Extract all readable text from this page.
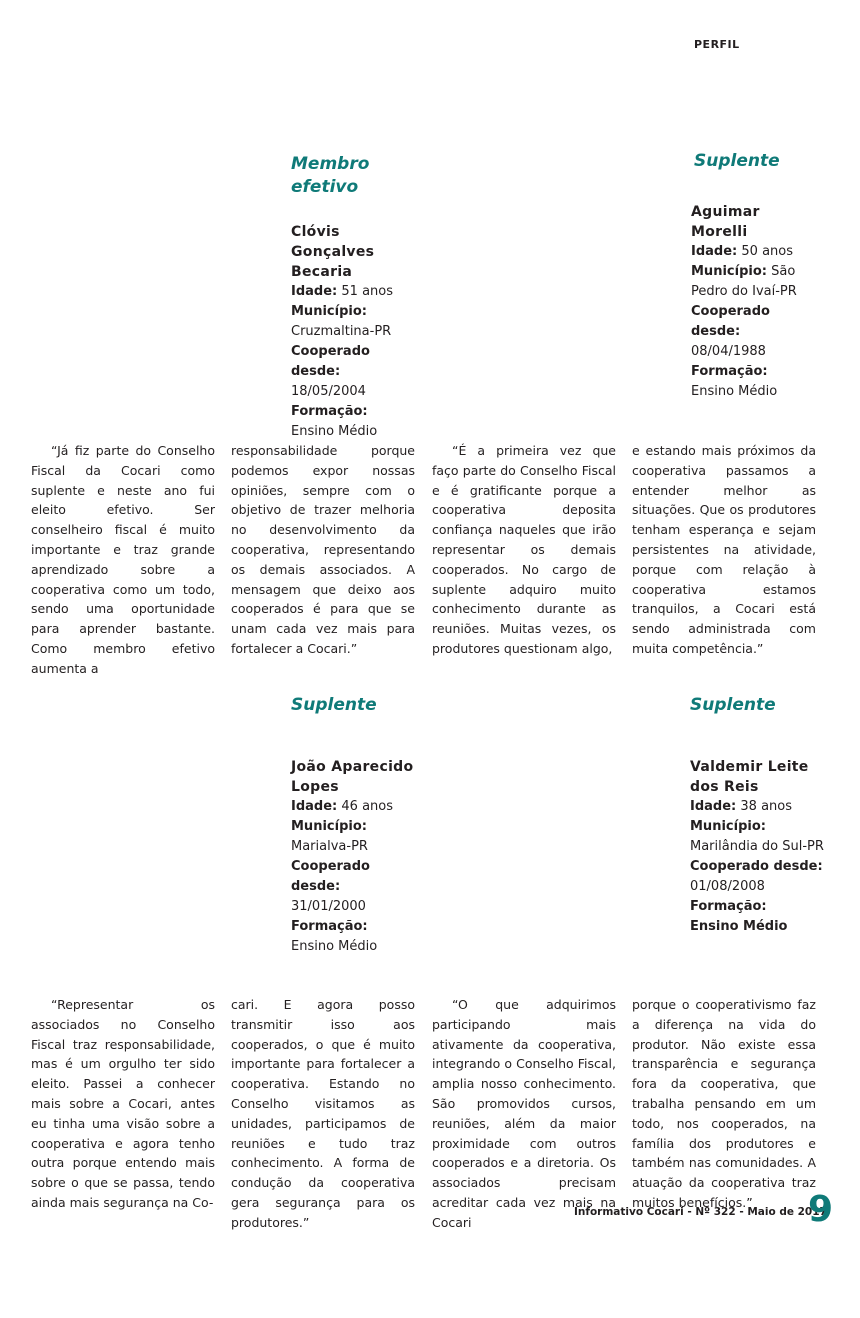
PERFIL
Membro efetivo
Clóvis Gonçalves Becaria
Idade: 51 anos
Município:
Cruzmaltina-PR
Cooperado desde:
18/05/2004
Formação:
Ensino Médio
Suplente
Aguimar Morelli
Idade: 50 anos
Município: São Pedro do Ivaí-PR
Cooperado desde:
08/04/1988
Formação:
Ensino Médio

“Já fiz parte do Conselho Fiscal da Cocari como suplente e neste ano fui eleito efetivo. Ser conselheiro fiscal é muito importante e traz grande aprendizado sobre a cooperativa como um todo, sendo uma oportunidade para aprender bastante. Como membro efetivo aumenta a

responsabilidade porque podemos expor nossas opiniões, sempre com o objetivo de trazer melhoria no desenvolvimento da cooperativa, representando os demais associados. A mensagem que deixo aos cooperados é para que se unam cada vez mais para fortalecer a Cocari.”

“É a primeira vez que faço parte do Conselho Fiscal e é gratificante porque a cooperativa deposita confiança naqueles que irão representar os demais cooperados. No cargo de suplente adquiro muito conhecimento durante as reuniões. Muitas vezes, os produtores questionam algo,

e estando mais próximos da cooperativa passamos a entender melhor as situações. Que os produtores tenham esperança e sejam persistentes na atividade, porque com relação à cooperativa estamos tranquilos, a Cocari está sendo administrada com muita competência.”

Suplente
João Aparecido Lopes
Idade: 46 anos
Município:
Marialva-PR
Cooperado desde:
31/01/2000
Formação:
Ensino Médio
Suplente
Valdemir Leite dos Reis
Idade: 38 anos
Município:
Marilândia do Sul-PR
Cooperado desde:
01/08/2008
Formação:
Ensino Médio

“Representar os associados no Conselho Fiscal traz responsabilidade, mas é um orgulho ter sido eleito. Passei a conhecer mais sobre a Cocari, antes eu tinha uma visão sobre a cooperativa e agora tenho outra porque entendo mais sobre o que se passa, tendo ainda mais segurança na Co-

cari. E agora posso transmitir isso aos cooperados, o que é muito importante para fortalecer a cooperativa. Estando no Conselho visitamos as unidades, participamos de reuniões e tudo traz conhecimento. A forma de condução da cooperativa gera segurança para os produtores.”

“O que adquirimos participando mais ativamente da cooperativa, integrando o Conselho Fiscal, amplia nosso conhecimento. São promovidos cursos, reuniões, além da maior proximidade com outros cooperados e a diretoria. Os associados precisam acreditar cada vez mais na Cocari

porque o cooperativismo faz a diferença na vida do produtor. Não existe essa transparência e segurança fora da cooperativa, que trabalha pensando em um todo, nos cooperados, na família dos produtores e também nas comunidades. A atuação da cooperativa traz muitos benefícios.”

Informativo Cocari - Nº 322 - Maio de 2017
9
